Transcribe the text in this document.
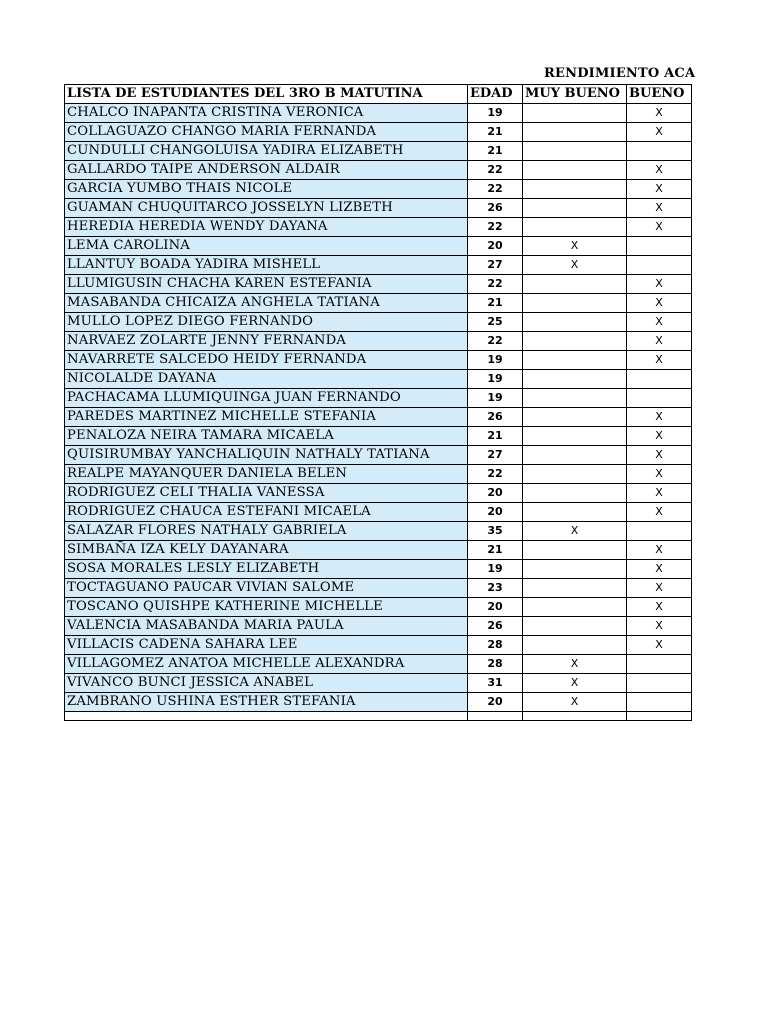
RENDIMIENTO ACA
LISTA DE ESTUDIANTES DEL 3RO B MATUTINA	EDAD	MUY BUENO	BUENO
CHALCO INAPANTA CRISTINA VERONICA	19		X
COLLAGUAZO CHANGO MARIA FERNANDA	21		X
CUNDULLI CHANGOLUISA YADIRA ELIZABETH	21		
GALLARDO TAIPE ANDERSON ALDAIR	22		X
GARCIA YUMBO THAIS NICOLE	22		X
GUAMAN CHUQUITARCO JOSSELYN LIZBETH	26		X
HEREDIA HEREDIA WENDY DAYANA	22		X
LEMA CAROLINA	20	X	
LLANTUY BOADA YADIRA MISHELL	27	X	
LLUMIGUSIN CHACHA KAREN ESTEFANIA	22		X
MASABANDA CHICAIZA ANGHELA TATIANA	21		X
MULLO LOPEZ DIEGO FERNANDO	25		X
NARVAEZ ZOLARTE JENNY FERNANDA	22		X
NAVARRETE SALCEDO HEIDY FERNANDA	19		X
NICOLALDE DAYANA	19		
PACHACAMA LLUMIQUINGA JUAN FERNANDO	19		
PAREDES MARTINEZ MICHELLE STEFANIA	26		X
PENALOZA NEIRA TAMARA MICAELA	21		X
QUISIRUMBAY YANCHALIQUIN NATHALY TATIANA	27		X
REALPE MAYANQUER DANIELA BELEN	22		X
RODRIGUEZ CELI THALIA VANESSA	20		X
RODRIGUEZ CHAUCA ESTEFANI MICAELA	20		X
SALAZAR FLORES NATHALY GABRIELA	35	X	
SIMBAÑA IZA KELY DAYANARA	21		X
SOSA MORALES LESLY ELIZABETH	19		X
TOCTAGUANO PAUCAR VIVIAN SALOME	23		X
TOSCANO QUISHPE KATHERINE MICHELLE	20		X
VALENCIA MASABANDA MARIA PAULA	26		X
VILLACIS CADENA SAHARA LEE	28		X
VILLAGOMEZ ANATOA MICHELLE ALEXANDRA	28	X	
VIVANCO BUNCI JESSICA ANABEL	31	X	
ZAMBRANO USHINA ESTHER STEFANIA	20	X	
